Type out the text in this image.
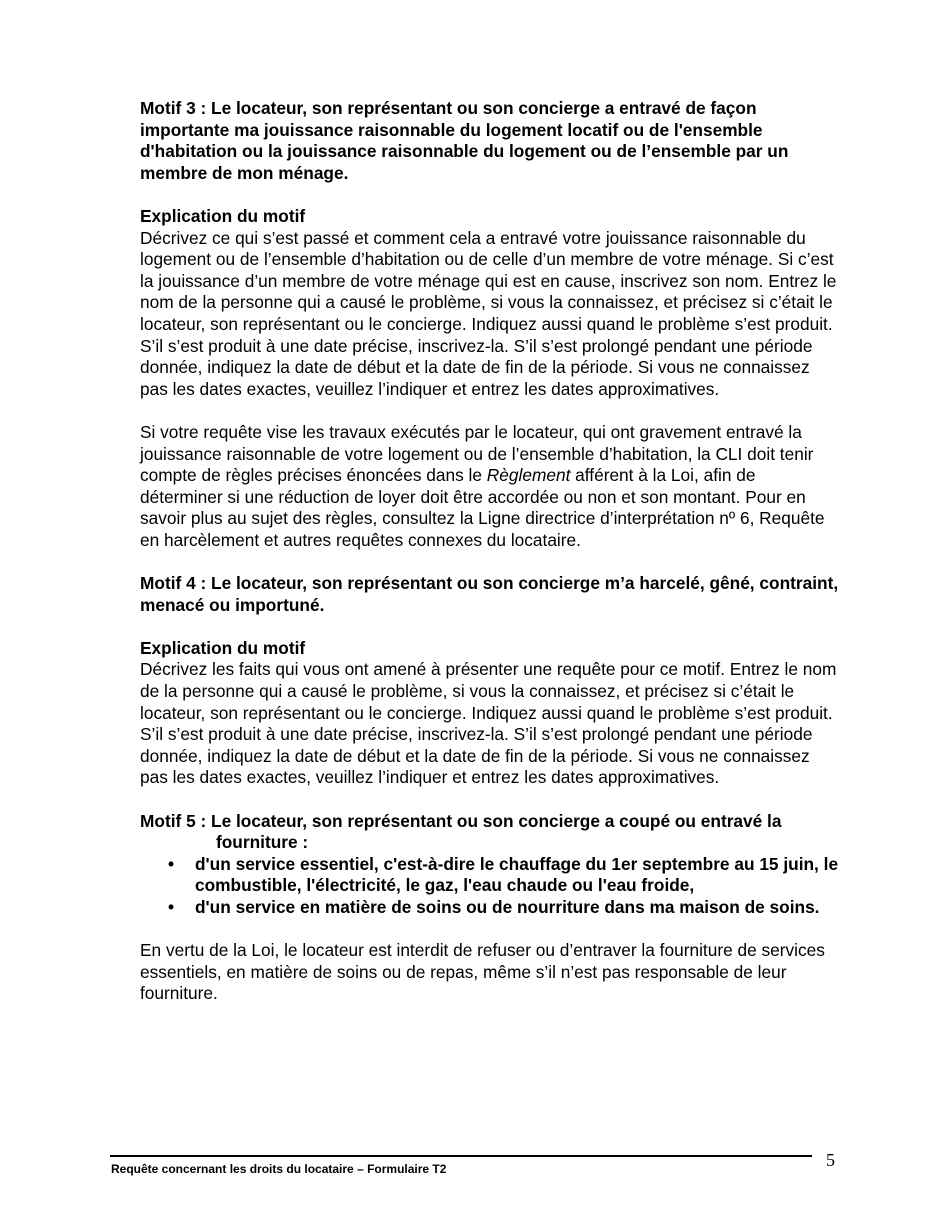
Motif 3 : Le locateur, son représentant ou son concierge a entravé de façon importante ma jouissance raisonnable du logement locatif ou de l'ensemble d'habitation ou la jouissance raisonnable du logement ou de l’ensemble par un membre de mon ménage.

Explication du motif

Décrivez ce qui s’est passé et comment cela a entravé votre jouissance raisonnable du logement ou de l’ensemble d’habitation ou de celle d’un membre de votre ménage. Si c’est la jouissance d’un membre de votre ménage qui est en cause, inscrivez son nom. Entrez le nom de la personne qui a causé le problème, si vous la connaissez, et précisez si c’était le locateur, son représentant ou le concierge. Indiquez aussi quand le problème s’est produit. S’il s’est produit à une date précise, inscrivez-la. S’il s’est prolongé pendant une période donnée, indiquez la date de début et la date de fin de la période. Si vous ne connaissez pas les dates exactes, veuillez l’indiquer et entrez les dates approximatives.

Si votre requête vise les travaux exécutés par le locateur, qui ont gravement entravé la jouissance raisonnable de votre logement ou de l’ensemble d’habitation, la CLI doit tenir compte de règles précises énoncées dans le Règlement afférent à la Loi, afin de déterminer si une réduction de loyer doit être accordée ou non et son montant. Pour en savoir plus au sujet des règles, consultez la Ligne directrice d’interprétation nº 6, Requête en harcèlement et autres requêtes connexes du locataire.

Motif 4 : Le locateur, son représentant ou son concierge m’a harcelé, gêné, contraint, menacé ou importuné.

Explication du motif

Décrivez les faits qui vous ont amené à présenter une requête pour ce motif. Entrez le nom de la personne qui a causé le problème, si vous la connaissez, et précisez si c’était le locateur, son représentant ou le concierge. Indiquez aussi quand le problème s’est produit. S’il s’est produit à une date précise, inscrivez-la. S’il s’est prolongé pendant une période donnée, indiquez la date de début et la date de fin de la période. Si vous ne connaissez pas les dates exactes, veuillez l’indiquer et entrez les dates approximatives.

Motif 5 : Le locateur, son représentant ou son concierge a coupé ou entravé la fourniture :

• d'un service essentiel, c'est-à-dire le chauffage du 1er septembre au 15 juin, le combustible, l'électricité, le gaz, l'eau chaude ou l'eau froide,
• d'un service en matière de soins ou de nourriture dans ma maison de soins.

En vertu de la Loi, le locateur est interdit de refuser ou d’entraver la fourniture de services essentiels, en matière de soins ou de repas, même s’il n’est pas responsable de leur fourniture.

Requête concernant les droits du locataire – Formulaire T2	5
